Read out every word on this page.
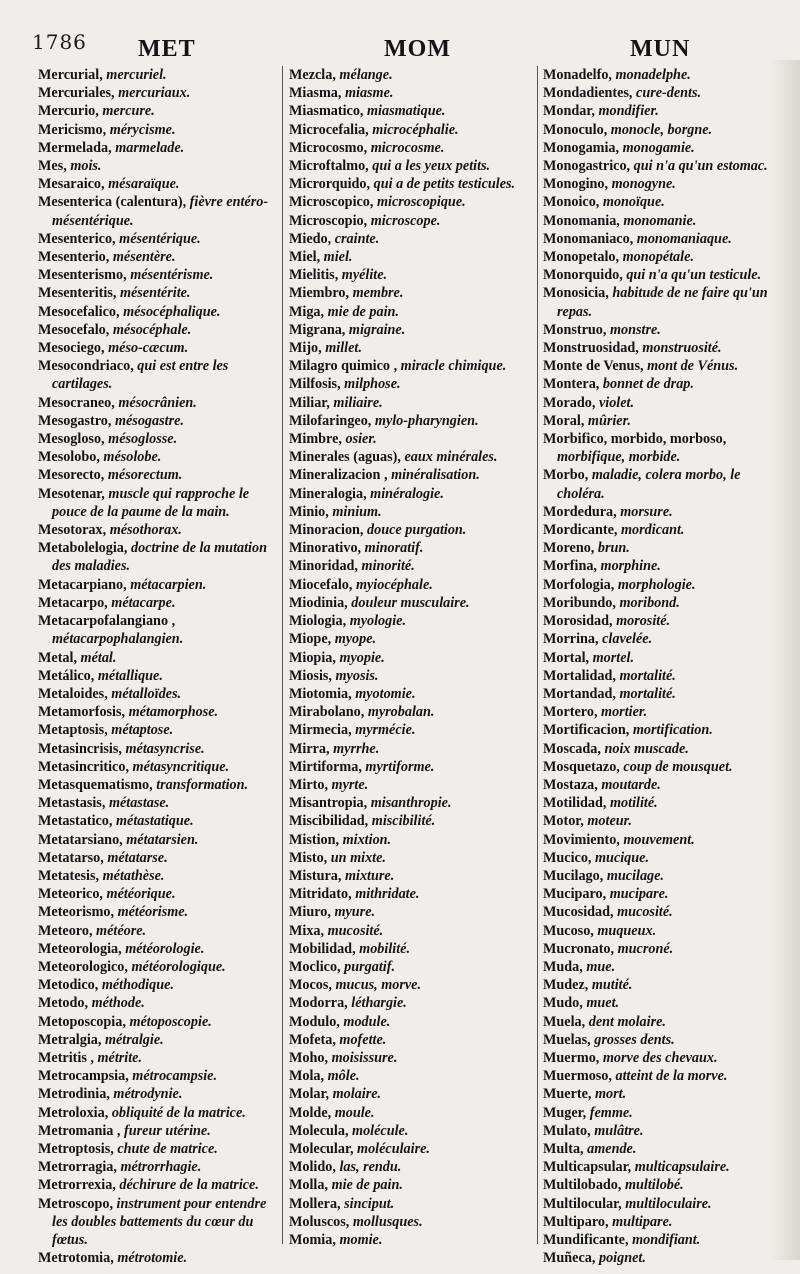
1786 MET	MOM	MUN
Mercurial, mercuriel.
Mercuriales, mercuriaux.
Mercurio, mercure.
Mericismo, mérycisme.
Mermelada, marmelade.
Mes, mois.
Mesaraico, mésaraïque.
Mesenterica (calentura), fièvre entéro-mésentérique.
Mesenterico, mésentérique.
Mesenterio, mésentère.
Mesenterismo, mésentérisme.
Mesenteritis, mésentérite.
Mesocefalico, mésocéphalique.
Mesocefalo, mésocéphale.
Mesociego, méso-cæcum.
Mesocondriaco, qui est entre les cartilages.
Mesocraneo, mésocrânien.
Mesogastro, mésogastre.
Mesogloso, mésoglosse.
Mesolobo, mésolobe.
Mesorecto, mésorectum.
Mesotenar, muscle qui rapproche le pouce de la paume de la main.
Mesotorax, mésothorax.
Metabolelogia, doctrine de la mutation des maladies.
Metacarpiano, métacarpien.
Metacarpo, métacarpe.
Metacarpofalangiano , métacarpophalangien.
Metal, métal.
Metálico, métallique.
Metaloides, métalloïdes.
Metamorfosis, métamorphose.
Metaptosis, métaptose.
Metasincrisis, métasyncrise.
Metasincritico, métasyncritique.
Metasquematismo, transformation.
Metastasis, métastase.
Metastatico, métastatique.
Metatarsiano, métatarsien.
Metatarso, métatarse.
Metatesis, métathèse.
Meteorico, météorique.
Meteorismo, météorisme.
Meteoro, météore.
Meteorologia, météorologie.
Meteorologico, météorologique.
Metodico, méthodique.
Metodo, méthode.
Metoposcopia, métoposcopie.
Metralgia, métralgie.
Metritis , métrite.
Metrocampsia, métrocampsie.
Metrodinia, métrodynie.
Metroloxia, obliquité de la matrice.
Metromania , fureur utérine.
Metroptosis, chute de matrice.
Metrorragia, métrorrhagie.
Metrorrexia, déchirure de la matrice.
Metroscopo, instrument pour entendre les doubles battements du cœur du fœtus.
Metrotomia, métrotomie.
Mezcla, mélange.
Miasma, miasme.
Miasmatico, miasmatique.
Microcefalia, microcéphalie.
Microcosmo, microcosme.
Microftalmo, qui a les yeux petits.
Microrquido, qui a de petits testicules.
Microscopico, microscopique.
Microscopio, microscope.
Miedo, crainte.
Miel, miel.
Mielitis, myélite.
Miembro, membre.
Miga, mie de pain.
Migrana, migraine.
Mijo, millet.
Milagro quimico , miracle chimique.
Milfosis, milphose.
Miliar, miliaire.
Milofaringeo, mylo-pharyngien.
Mimbre, osier.
Minerales (aguas), eaux minérales.
Mineralizacion , minéralisation.
Mineralogia, minéralogie.
Minio, minium.
Minoracion, douce purgation.
Minorativo, minoratif.
Minoridad, minorité.
Miocefalo, myiocéphale.
Miodinia, douleur musculaire.
Miologia, myologie.
Miope, myope.
Miopia, myopie.
Miosis, myosis.
Miotomia, myotomie.
Mirabolano, myrobalan.
Mirmecia, myrmécie.
Mirra, myrrhe.
Mirtiforma, myrtiforme.
Mirto, myrte.
Misantropia, misanthropie.
Miscibilidad, miscibilité.
Mistion, mixtion.
Misto, un mixte.
Mistura, mixture.
Mitridato, mithridate.
Miuro, myure.
Mixa, mucosité.
Mobilidad, mobilité.
Moclico, purgatif.
Mocos, mucus, morve.
Modorra, léthargie.
Modulo, module.
Mofeta, mofette.
Moho, moisissure.
Mola, môle.
Molar, molaire.
Molde, moule.
Molecula, molécule.
Molecular, moléculaire.
Molido, las, rendu.
Molla, mie de pain.
Mollera, sinciput.
Moluscos, mollusques.
Momia, momie.
Monadelfo, monadelphe.
Mondadientes, cure-dents.
Mondar, mondifier.
Monoculo, monocle, borgne.
Monogamia, monogamie.
Monogastrico, qui n'a qu'un estomac.
Monogino, monogyne.
Monoico, monoïque.
Monomania, monomanie.
Monomaniaco, monomaniaque.
Monopetalo, monopétale.
Monorquido, qui n'a qu'un testicule.
Monosicia, habitude de ne faire qu'un repas.
Monstruo, monstre.
Monstruosidad, monstruosité.
Monte de Venus, mont de Vénus.
Montera, bonnet de drap.
Morado, violet.
Moral, mûrier.
Morbifico, morbido, morboso, morbifique, morbide.
Morbo, maladie, colera morbo, le choléra.
Mordedura, morsure.
Mordicante, mordicant.
Moreno, brun.
Morfina, morphine.
Morfologia, morphologie.
Moribundo, moribond.
Morosidad, morosité.
Morrina, clavelée.
Mortal, mortel.
Mortalidad, mortalité.
Mortandad, mortalité.
Mortero, mortier.
Mortificacion, mortification.
Moscada, noix muscade.
Mosquetazo, coup de mousquet.
Mostaza, moutarde.
Motilidad, motilité.
Motor, moteur.
Movimiento, mouvement.
Mucico, mucique.
Mucilago, mucilage.
Muciparo, mucipare.
Mucosidad, mucosité.
Mucoso, muqueux.
Mucronato, mucroné.
Muda, mue.
Mudez, mutité.
Mudo, muet.
Muela, dent molaire.
Muelas, grosses dents.
Muermo, morve des chevaux.
Muermoso, atteint de la morve.
Muerte, mort.
Muger, femme.
Mulato, mulâtre.
Multa, amende.
Multicapsular, multicapsulaire.
Multilobado, multilobé.
Multilocular, multiloculaire.
Multiparo, multipare.
Mundificante, mondifiant.
Muñeca, poignet.
